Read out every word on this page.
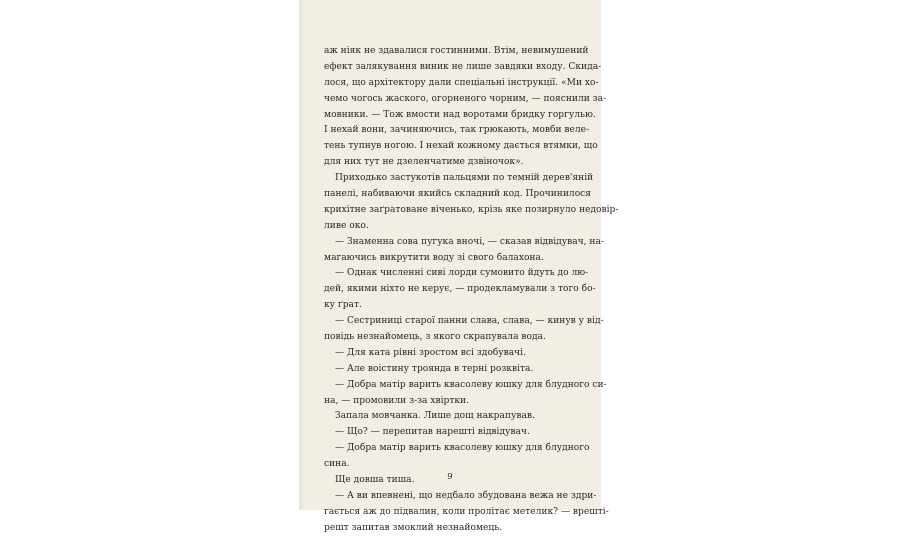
аж ніяк не здавалися гостинними. Втім, невимушений
ефект залякування виник не лише завдяки входу. Скида-
лося, що архітектору дали спеціальні інструкції. «Ми хо-
чемо чогось жаского, огорненого чорним, — пояснили за-
мовники. — Тож вмости над воротами бридку горгулью.
І нехай вони, зачиняючись, так грюкають, мовби веле-
тень тупнув ногою. І нехай кожному дається втямки, що
для них тут не дзеленчатиме дзвіночок».
Приходько застукотів пальцями по темній дерев'яній
панелі, набиваючи якийсь складний код. Прочинилося
крихітне заґратоване віченько, крізь яке позирнуло недовір-
ливе око.
— Знаменна сова пугука вночі, — сказав відвідувач, на-
магаючись викрутити воду зі свого балахона.
— Однак численні сиві лорди сумовито йдуть до лю-
дей, якими ніхто не керує, — продекламували з того бо-
ку ґрат.
— Сестриниці старої панни слава, слава, — кинув у від-
повідь незнайомець, з якого скрапувала вода.
— Для ката рівні зростом всі здобувачі.
— Але воістину троянда в терні розквіта.
— Добра матір варить квасолеву юшку для блудного си-
на, — промовили з-за хвіртки.
Запала мовчанка. Лише дощ накрапував.
— Що? — перепитав нарешті відвідувач.
— Добра матір варить квасолеву юшку для блудного
сина.
Ще довша тиша.
— А ви впевнені, що недбало збудована вежа не здри-
гається аж до підвалин, коли пролітає метелик? — врешті-
решт запитав змоклий незнайомець.
9
